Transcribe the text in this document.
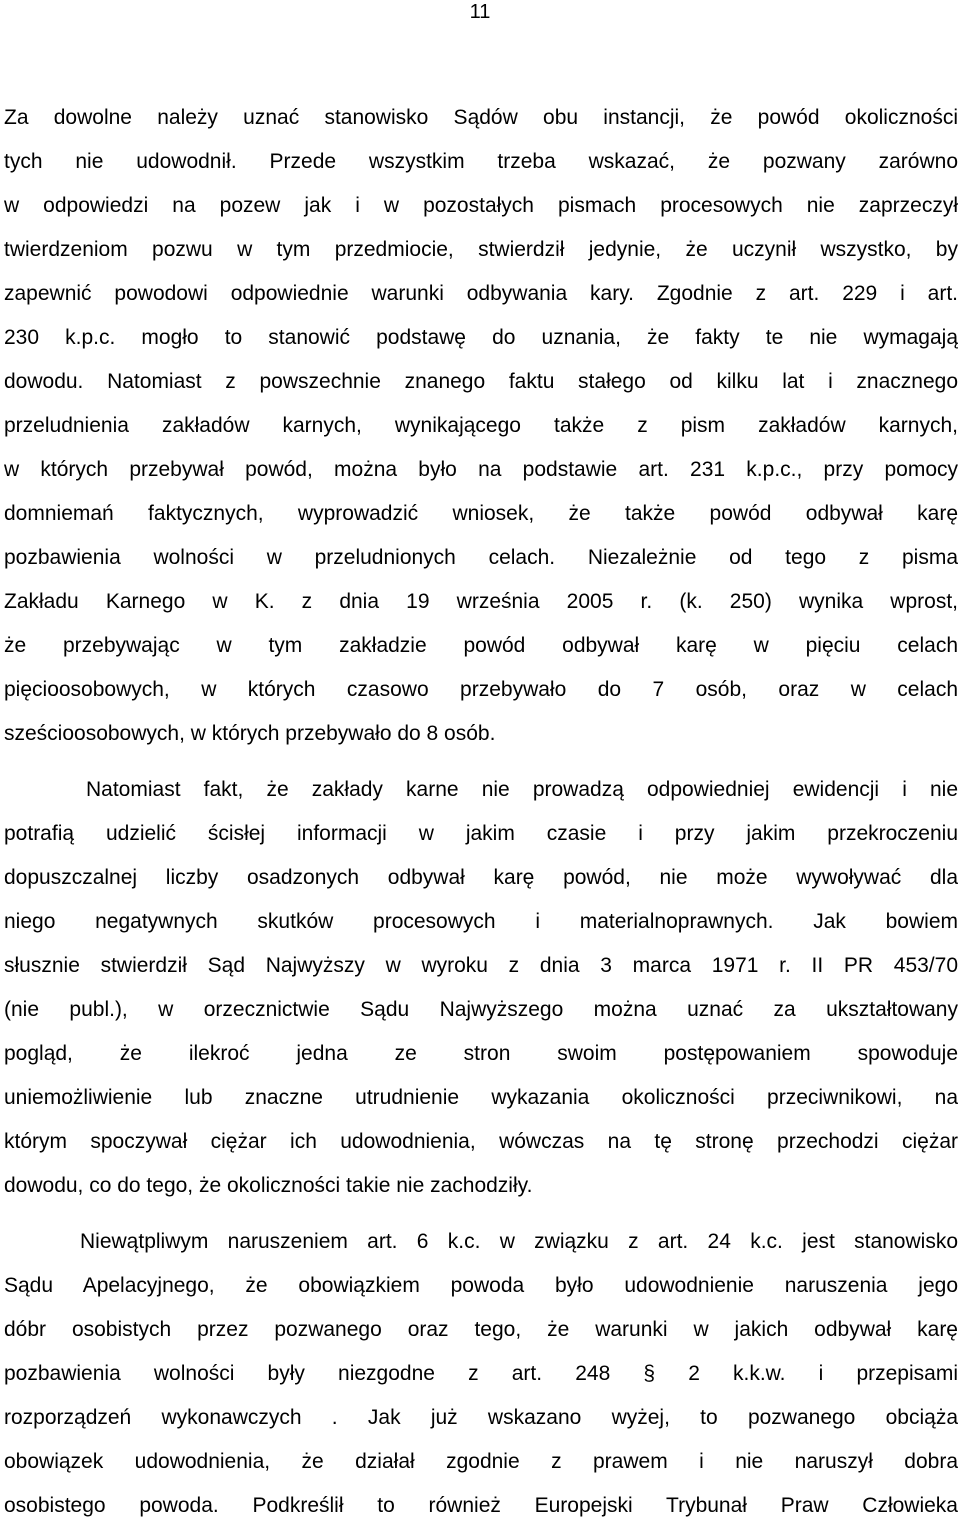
11
Za dowolne należy uznać stanowisko Sądów obu instancji, że powód okoliczności
tych nie udowodnił. Przede wszystkim trzeba wskazać, że pozwany zarówno
w odpowiedzi na pozew jak i w pozostałych pismach procesowych nie zaprzeczył
twierdzeniom pozwu w tym przedmiocie, stwierdził jedynie, że uczynił wszystko, by
zapewnić powodowi odpowiednie warunki odbywania kary. Zgodnie z art. 229 i art.
230 k.p.c. mogło to stanowić podstawę do uznania, że fakty te nie wymagają
dowodu. Natomiast z powszechnie znanego faktu stałego od kilku lat i znacznego
przeludnienia zakładów karnych, wynikającego także z pism zakładów karnych,
w których przebywał powód, można było na podstawie art. 231 k.p.c., przy pomocy
domniemań faktycznych, wyprowadzić wniosek, że także powód odbywał karę
pozbawienia wolności w przeludnionych celach. Niezależnie od tego z pisma
Zakładu Karnego w K. z dnia 19 września 2005 r. (k. 250) wynika wprost,
że przebywając w tym zakładzie powód odbywał karę w pięciu celach
pięcioosobowych, w których czasowo przebywało do 7 osób, oraz w celach
sześcioosobowych, w których przebywało do 8 osób.
Natomiast fakt, że zakłady karne nie prowadzą odpowiedniej ewidencji i nie
potrafią udzielić ścisłej informacji w jakim czasie i przy jakim przekroczeniu
dopuszczalnej liczby osadzonych odbywał karę powód, nie może wywoływać dla
niego negatywnych skutków procesowych i materialnoprawnych. Jak bowiem
słusznie stwierdził Sąd Najwyższy w wyroku z dnia 3 marca 1971 r. II PR 453/70
(nie publ.), w orzecznictwie Sądu Najwyższego można uznać za ukształtowany
pogląd, że ilekroć jedna ze stron swoim postępowaniem spowoduje
uniemożliwienie lub znaczne utrudnienie wykazania okoliczności przeciwnikowi, na
którym spoczywał ciężar ich udowodnienia, wówczas na tę stronę przechodzi ciężar
dowodu, co do tego, że okoliczności takie nie zachodziły.
Niewątpliwym naruszeniem art. 6 k.c. w związku z art. 24 k.c. jest stanowisko
Sądu Apelacyjnego, że obowiązkiem powoda było udowodnienie naruszenia jego
dóbr osobistych przez pozwanego oraz tego, że warunki w jakich odbywał karę
pozbawienia wolności były niezgodne z art. 248 § 2 k.k.w. i przepisami
rozporządzeń wykonawczych . Jak już wskazano wyżej, to pozwanego obciąża
obowiązek udowodnienia, że działał zgodnie z prawem i nie naruszył dobra
osobistego powoda. Podkreślił to również Europejski Trybunał Praw Człowieka
